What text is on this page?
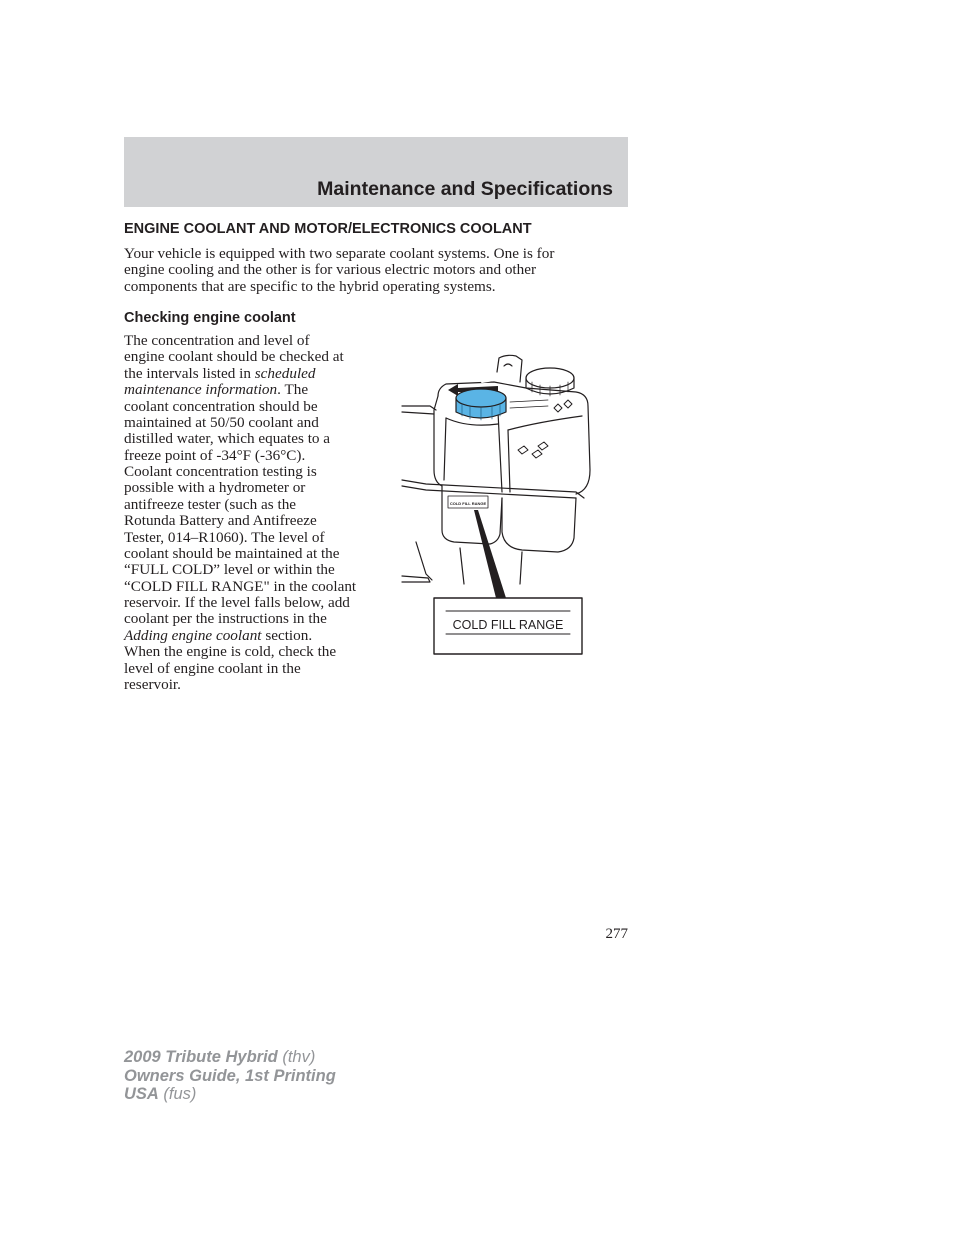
Maintenance and Specifications
ENGINE COOLANT AND MOTOR/ELECTRONICS COOLANT

Your vehicle is equipped with two separate coolant systems. One is for
engine cooling and the other is for various electric motors and other
components that are specific to the hybrid operating systems.

Checking engine coolant

The concentration and level of
engine coolant should be checked at
the intervals listed in scheduled
maintenance information. The
coolant concentration should be
maintained at 50/50 coolant and
distilled water, which equates to a
freeze point of -34°F (-36°C).
Coolant concentration testing is
possible with a hydrometer or
antifreeze tester (such as the
Rotunda Battery and Antifreeze
Tester, 014–R1060). The level of
coolant should be maintained at the
“FULL COLD” level or within the
“COLD FILL RANGE" in the coolant
reservoir. If the level falls below, add
coolant per the instructions in the
Adding engine coolant section.
When the engine is cold, check the
level of engine coolant in the
reservoir.

COLD FILL RANGE
COLD FILL RANGE

277

2009 Tribute Hybrid (thv)
Owners Guide, 1st Printing
USA (fus)
